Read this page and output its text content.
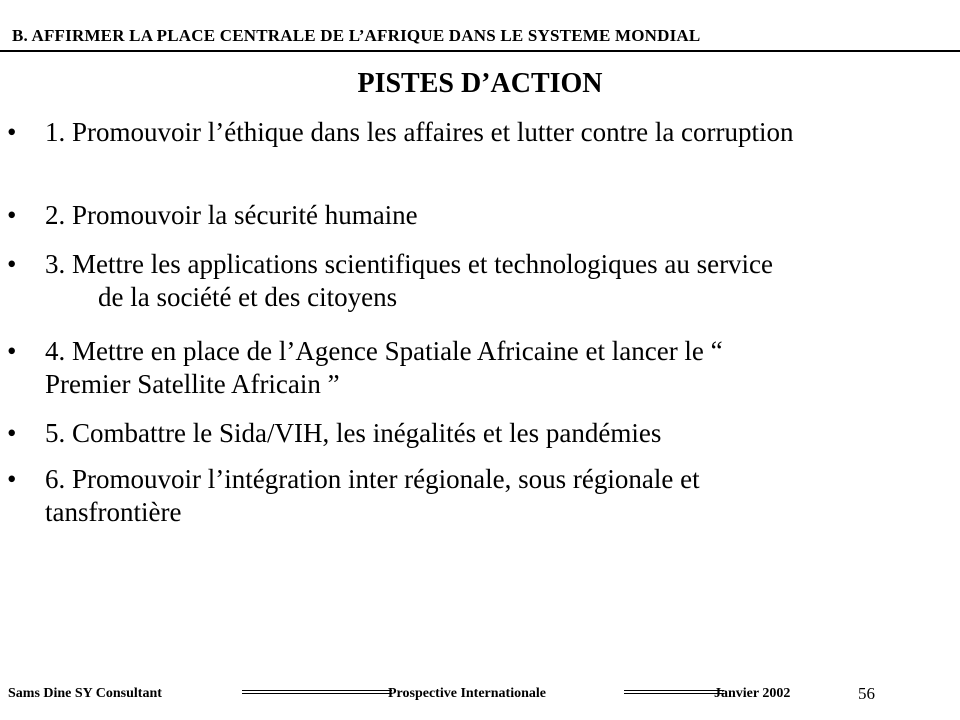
B. AFFIRMER LA PLACE CENTRALE DE L’AFRIQUE DANS LE SYSTEME MONDIAL
PISTES D’ACTION
• 1. Promouvoir l’éthique dans les affaires et lutter contre la corruption
• 2. Promouvoir la sécurité humaine
• 3. Mettre les applications scientifiques et technologiques au service
de la société et des citoyens
• 4. Mettre en place de l’Agence Spatiale Africaine et lancer le “
Premier Satellite Africain ”
• 5. Combattre le Sida/VIH, les inégalités et les pandémies
• 6. Promouvoir l’intégration inter régionale, sous régionale et
tansfrontière
Sams Dine SY Consultant	Prospective Internationale	Janvier 2002	56
